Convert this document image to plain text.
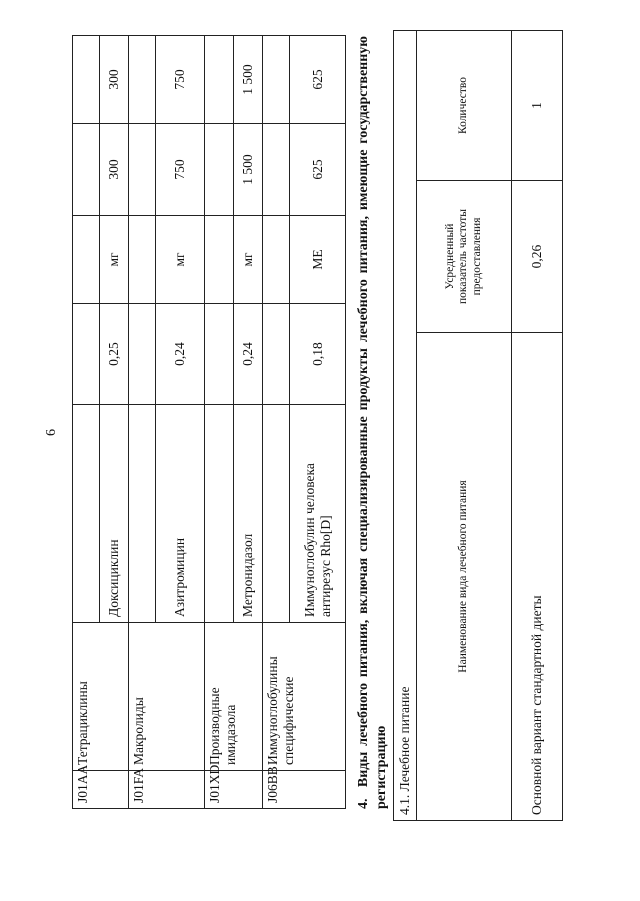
6
J01AA	Тетрациклины					
		Доксициклин	0,25	мг	300	300
J01FA	Макролиды					
		Азитромицин	0,24	мг	750	750
J01XD	Производные имидазола					
		Метронидазол	0,24	мг	1 500	1 500
J06BB	Иммуноглобулины специфические					
		Иммуноглобулин человека антирезус Rho[D]	0,18	МЕ	625	625
4. Виды лечебного питания, включая специализированные продукты лечебного питания, имеющие государственную регистрацию 4.1. Лечебное питание		
Наименование вида лечебного питания	Усредненный
показатель частоты
предоставления	Количество
Основной вариант стандартной диеты	0,26	1
